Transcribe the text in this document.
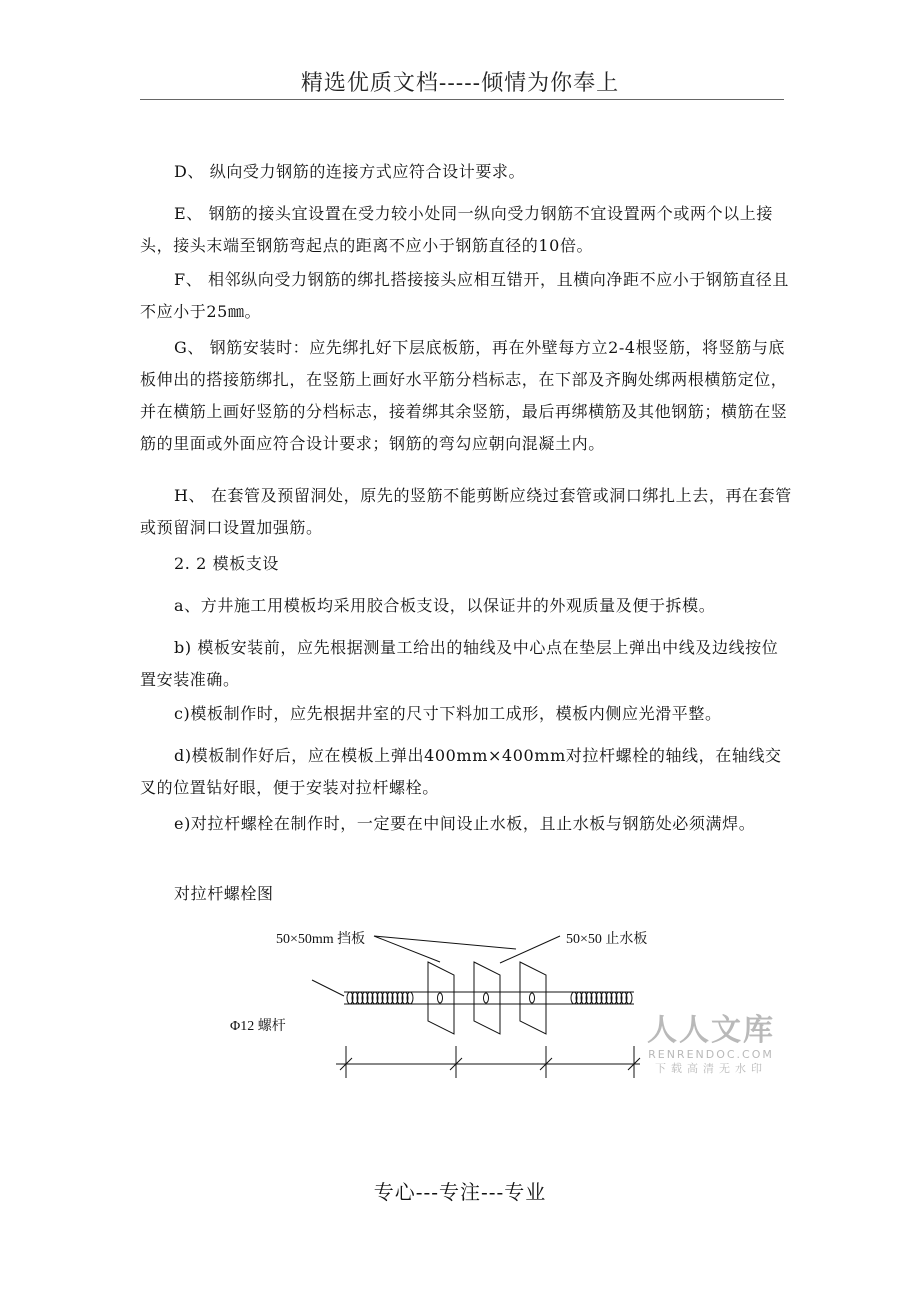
精选优质文档-----倾情为你奉上

D、 纵向受力钢筋的连接方式应符合设计要求。

E、 钢筋的接头宜设置在受力较小处同一纵向受力钢筋不宜设置两个或两个以上接头，接头末端至钢筋弯起点的距离不应小于钢筋直径的10倍。

F、 相邻纵向受力钢筋的绑扎搭接接头应相互错开，且横向净距不应小于钢筋直径且不应小于25㎜。

G、 钢筋安装时：应先绑扎好下层底板筋，再在外壁每方立2-4根竖筋，将竖筋与底板伸出的搭接筋绑扎，在竖筋上画好水平筋分档标志，在下部及齐胸处绑两根横筋定位，并在横筋上画好竖筋的分档标志，接着绑其余竖筋，最后再绑横筋及其他钢筋；横筋在竖筋的里面或外面应符合设计要求；钢筋的弯勾应朝向混凝土内。

H、 在套管及预留洞处，原先的竖筋不能剪断应绕过套管或洞口绑扎上去，再在套管或预留洞口设置加强筋。

2. 2 模板支设

a、方井施工用模板均采用胶合板支设，以保证井的外观质量及便于拆模。

b) 模板安装前，应先根据测量工给出的轴线及中心点在垫层上弹出中线及边线按位置安装准确。

c)模板制作时，应先根据井室的尺寸下料加工成形，模板内侧应光滑平整。

d)模板制作好后，应在模板上弹出400mm×400mm对拉杆螺栓的轴线，在轴线交叉的位置钻好眼，便于安装对拉杆螺栓。

e)对拉杆螺栓在制作时，一定要在中间设止水板，且止水板与钢筋处必须满焊。

对拉杆螺栓图
50×50mm 挡板	50×50 止水板
Φ12 螺杆	人人文库
RENRENDOC.COM
下载高清无水印
专心---专注---专业
